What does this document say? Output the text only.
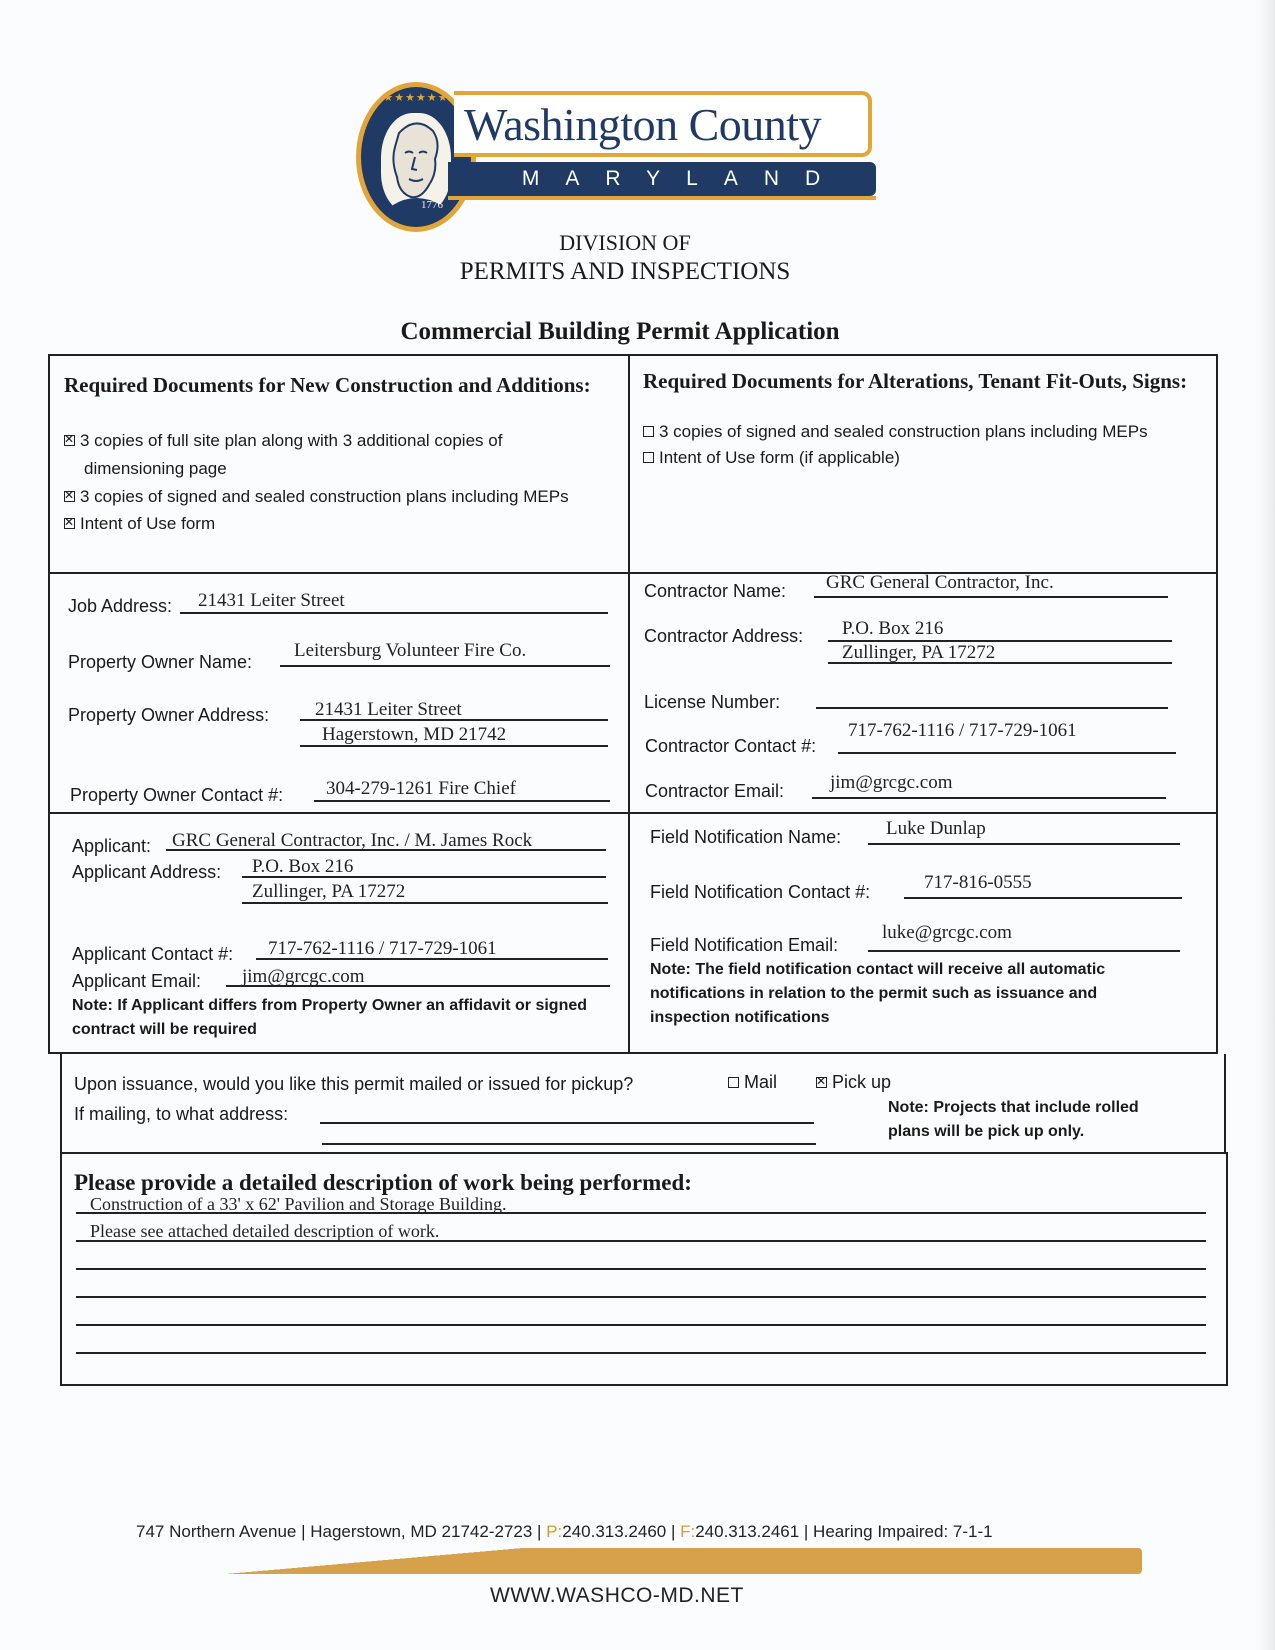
★★★★★★
1776
Washington County
MARYLAND
DIVISION OF
PERMITS AND INSPECTIONS
Commercial Building Permit Application
Required Documents for New Construction and Additions:
✕3 copies of full site plan along with 3 additional copies of
dimensioning page
✕3 copies of signed and sealed construction plans including MEPs
✕Intent of Use form
Required Documents for Alterations, Tenant Fit-Outs, Signs:
3 copies of signed and sealed construction plans including MEPs
Intent of Use form (if applicable)
Job Address: 21431 Leiter Street
Property Owner Name:
Leitersburg Volunteer Fire Co.
Property Owner Address: 21431 Leiter Street
Hagerstown, MD 21742
Property Owner Contact #: 304-279-1261 Fire Chief
Contractor Name: GRC General Contractor, Inc.
Contractor Address: P.O. Box 216
Zullinger, PA 17272
License Number:
Contractor Contact #:
717-762-1116 / 717-729-1061
Contractor Email: jim@grcgc.com
Applicant: GRC General Contractor, Inc. / M. James Rock
Applicant Address: P.O. Box 216
Zullinger, PA 17272
Applicant Contact #: 717-762-1116 / 717-729-1061
Applicant Email: jim@grcgc.com
Note: If Applicant differs from Property Owner an affidavit or signed contract will be required
Field Notification Name: Luke Dunlap
Field Notification Contact #:	717-816-0555
Field Notification Email:
luke@grcgc.com
Note: The field notification contact will receive all automatic notifications in relation to the permit such as issuance and inspection notifications
Upon issuance, would you like this permit mailed or issued for pickup?	Mail
✕	Pick up
If mailing, to what address:	Note: Projects that include rolled plans will be pick up only.
Please provide a detailed description of work being performed:
Construction of a 33' x 62' Pavilion and Storage Building.
Please see attached detailed description of work.
747 Northern Avenue | Hagerstown, MD 21742-2723 | P:240.313.2460 | F:240.313.2461 | Hearing Impaired: 7-1-1
WWW.WASHCO-MD.NET
